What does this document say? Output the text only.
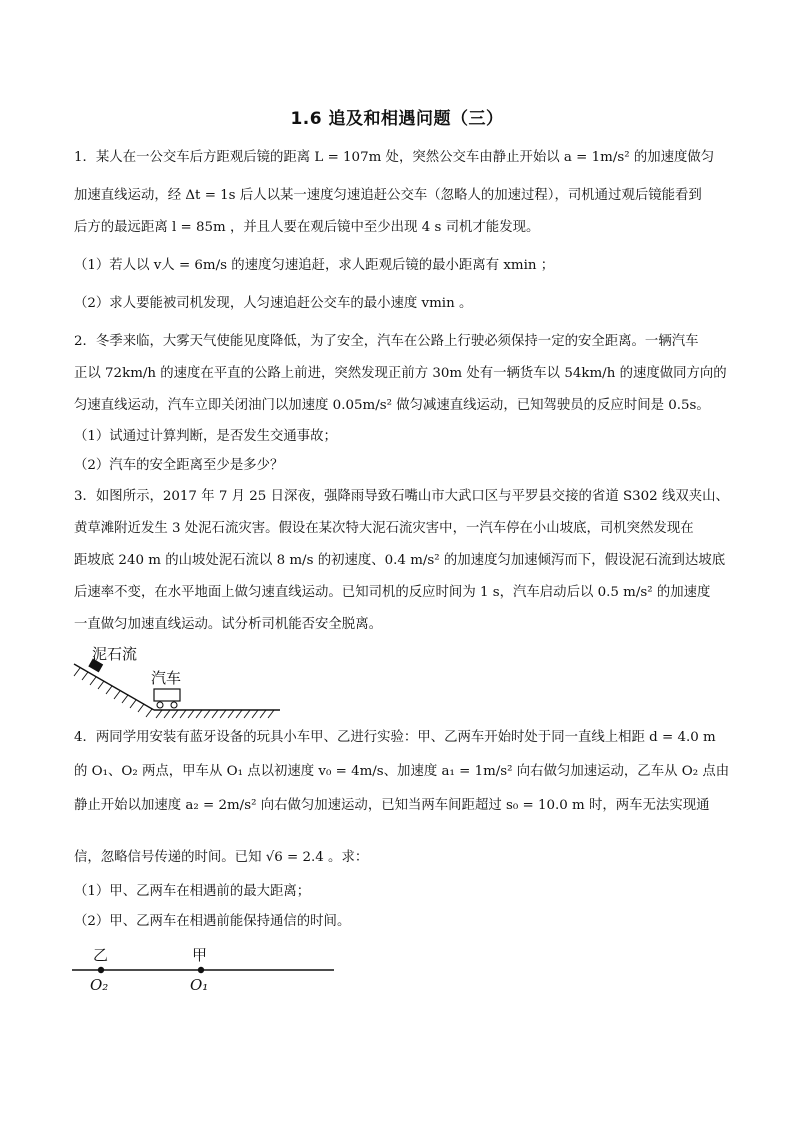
1.6 追及和相遇问题（三）
1．某人在一公交车后方距观后镜的距离 L = 107m 处，突然公交车由静止开始以 a = 1m/s² 的加速度做匀
加速直线运动，经 Δt = 1s 后人以某一速度匀速追赶公交车（忽略人的加速过程），司机通过观后镜能看到
后方的最远距离 l = 85m ，并且人要在观后镜中至少出现 4 s 司机才能发现。
（1）若人以 v人 = 6m/s 的速度匀速追赶，求人距观后镜的最小距离有 xmin ；
（2）求人要能被司机发现，人匀速追赶公交车的最小速度 vmin 。
2．冬季来临，大雾天气使能见度降低，为了安全，汽车在公路上行驶必须保持一定的安全距离。一辆汽车
正以 72km/h 的速度在平直的公路上前进，突然发现正前方 30m 处有一辆货车以 54km/h 的速度做同方向的
匀速直线运动，汽车立即关闭油门以加速度 0.05m/s² 做匀减速直线运动，已知驾驶员的反应时间是 0.5s。
（1）试通过计算判断，是否发生交通事故；
（2）汽车的安全距离至少是多少？
3．如图所示，2017 年 7 月 25 日深夜，强降雨导致石嘴山市大武口区与平罗县交接的省道 S302 线双夹山、
黄草滩附近发生 3 处泥石流灾害。假设在某次特大泥石流灾害中，一汽车停在小山坡底，司机突然发现在
距坡底 240 m 的山坡处泥石流以 8 m/s 的初速度、0.4 m/s² 的加速度匀加速倾泻而下，假设泥石流到达坡底
后速率不变，在水平地面上做匀速直线运动。已知司机的反应时间为 1 s，汽车启动后以 0.5 m/s² 的加速度
一直做匀加速直线运动。试分析司机能否安全脱离。
泥石流
汽车
4．两同学用安装有蓝牙设备的玩具小车甲、乙进行实验：甲、乙两车开始时处于同一直线上相距 d = 4.0 m
的 O₁、O₂ 两点，甲车从 O₁ 点以初速度 v₀ = 4m/s、加速度 a₁ = 1m/s² 向右做匀加速运动，乙车从 O₂ 点由
静止开始以加速度 a₂ = 2m/s² 向右做匀加速运动，已知当两车间距超过 s₀ = 10.0 m 时，两车无法实现通
信，忽略信号传递的时间。已知 √6 = 2.4 。求：
（1）甲、乙两车在相遇前的最大距离；
（2）甲、乙两车在相遇前能保持通信的时间。
乙	甲
O₂	O₁
